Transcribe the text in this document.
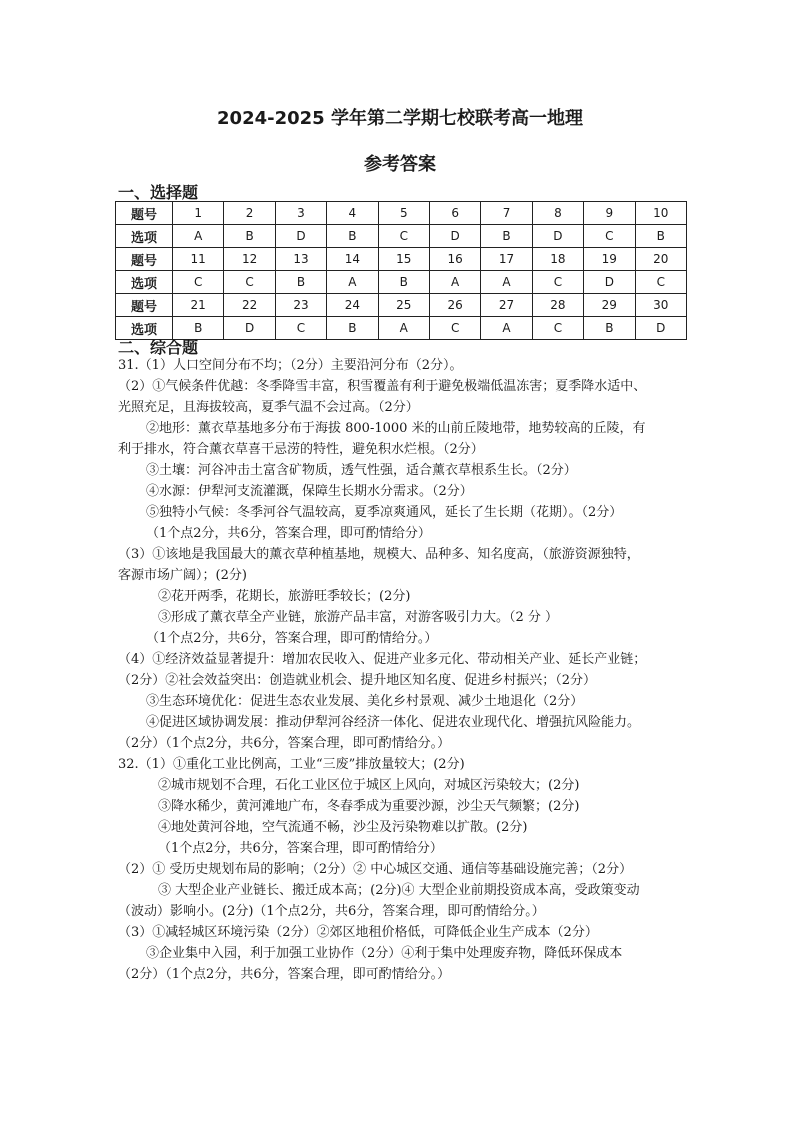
2024-2025 学年第二学期七校联考高一地理
参考答案
一、选择题
题号	1	2	3	4	5	6	7	8	9	10
选项	A	B	D	B	C	D	B	D	C	B
题号	11	12	13	14	15	16	17	18	19	20
选项	C	C	B	A	B	A	A	C	D	C
题号	21	22	23	24	25	26	27	28	29	30
选项	B	D	C	B	A	C	A	C	B	D
二、综合题
31.（1）人口空间分布不均；（2分）主要沿河分布（2分）。
（2）①气候条件优越：冬季降雪丰富，积雪覆盖有利于避免极端低温冻害；夏季降水适中、
光照充足，且海拔较高，夏季气温不会过高。（2分）
②地形：薰衣草基地多分布于海拔 800-1000 米的山前丘陵地带，地势较高的丘陵，有
利于排水，符合薰衣草喜干忌涝的特性，避免积水烂根。（2分）
③土壤：河谷冲击土富含矿物质，透气性强，适合薰衣草根系生长。（2分）
④水源：伊犁河支流灌溉，保障生长期水分需求。（2分）
⑤独特小气候：冬季河谷气温较高，夏季凉爽通风，延长了生长期（花期）。（2分）
（1个点2分，共6分，答案合理，即可酌情给分）
（3）①该地是我国最大的薰衣草种植基地，规模大、品种多、知名度高，（旅游资源独特，
客源市场广阔）；(2分)
②花开两季，花期长，旅游旺季较长；(2分)
③形成了薰衣草全产业链，旅游产品丰富，对游客吸引力大。（2 分 ）
（1个点2分，共6分，答案合理，即可酌情给分。）
（4）①经济效益显著提升：增加农民收入、促进产业多元化、带动相关产业、延长产业链；
（2分）②社会效益突出：创造就业机会、提升地区知名度、促进乡村振兴；（2分）
③生态环境优化：促进生态农业发展、美化乡村景观、减少土地退化（2分）
④促进区域协调发展：推动伊犁河谷经济一体化、促进农业现代化、增强抗风险能力。
（2分）（1个点2分，共6分，答案合理，即可酌情给分。）
32.（1）①重化工业比例高，工业“三废”排放量较大；(2分)
②城市规划不合理，石化工业区位于城区上风向，对城区污染较大；(2分)
③降水稀少，黄河滩地广布，冬春季成为重要沙源，沙尘天气频繁；(2分)
④地处黄河谷地，空气流通不畅，沙尘及污染物难以扩散。(2分)
（1个点2分，共6分，答案合理，即可酌情给分）
（2）① 受历史规划布局的影响；（2分）② 中心城区交通、通信等基础设施完善；（2分）
③ 大型企业产业链长、搬迁成本高；(2分)④ 大型企业前期投资成本高，受政策变动
（波动）影响小。(2分)（1个点2分，共6分，答案合理，即可酌情给分。）
（3）①减轻城区环境污染（2分）②郊区地租价格低，可降低企业生产成本（2分）
③企业集中入园，利于加强工业协作（2分）④利于集中处理废弃物，降低环保成本
（2分）（1个点2分，共6分，答案合理，即可酌情给分。）
